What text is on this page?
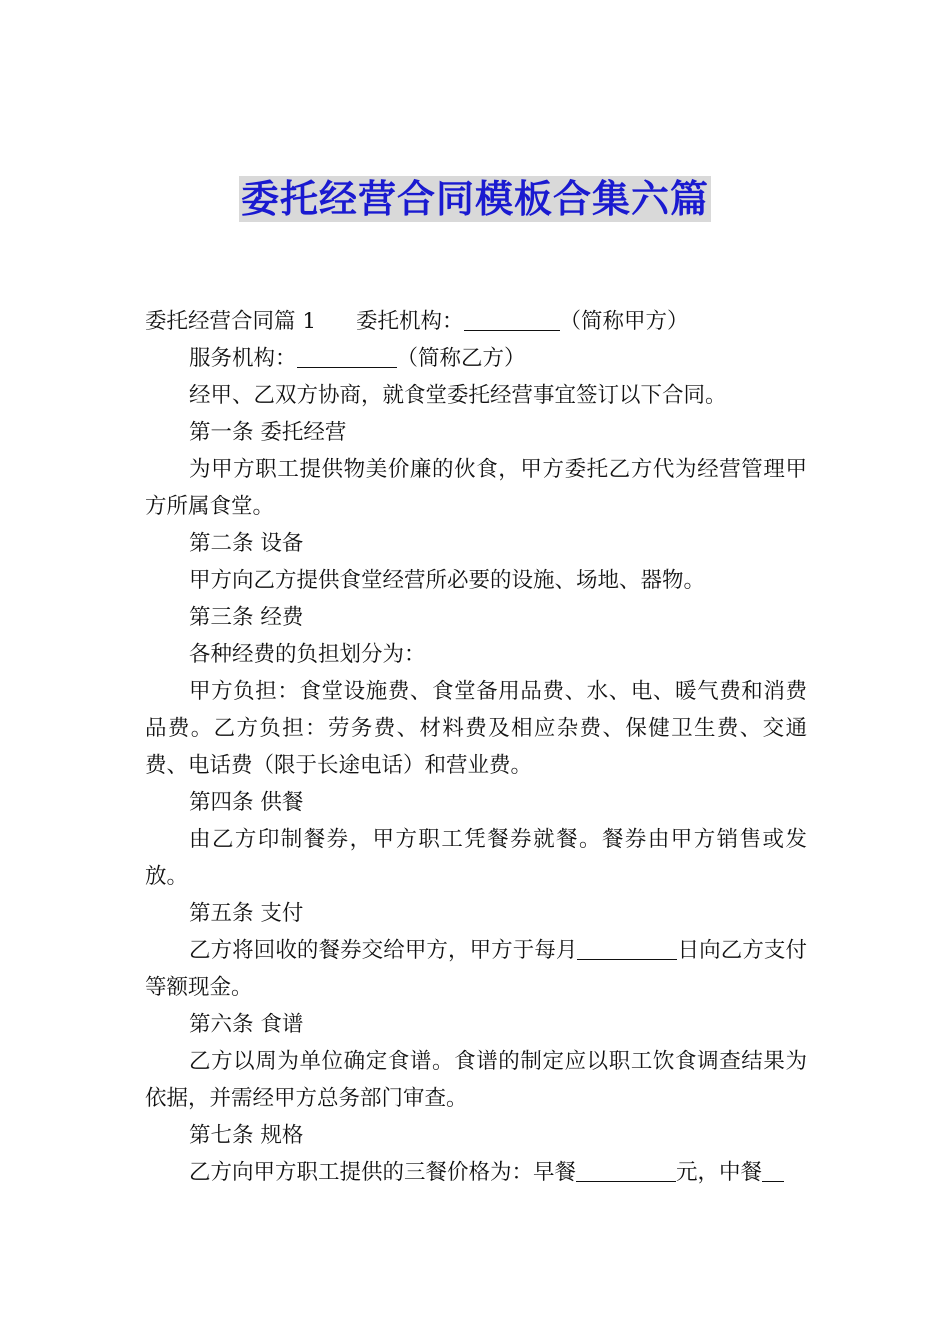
委托经营合同模板合集六篇

委托经营合同篇 1 委托机构：	（简称甲方）

服务机构：	（简称乙方）

经甲、乙双方协商，就食堂委托经营事宜签订以下合同。

第一条 委托经营

为甲方职工提供物美价廉的伙食，甲方委托乙方代为经营管理甲方所属食堂。

第二条 设备

甲方向乙方提供食堂经营所必要的设施、场地、器物。

第三条 经费

各种经费的负担划分为：

甲方负担：食堂设施费、食堂备用品费、水、电、暖气费和消费品费。乙方负担：劳务费、材料费及相应杂费、保健卫生费、交通费、电话费（限于长途电话）和营业费。

第四条 供餐

由乙方印制餐券，甲方职工凭餐券就餐。餐券由甲方销售或发放。

第五条 支付

乙方将回收的餐券交给甲方，甲方于每月	日向乙方支付等额现金。

第六条 食谱

乙方以周为单位确定食谱。食谱的制定应以职工饮食调查结果为依据，并需经甲方总务部门审查。

第七条 规格

乙方向甲方职工提供的三餐价格为：早餐	元，中餐
